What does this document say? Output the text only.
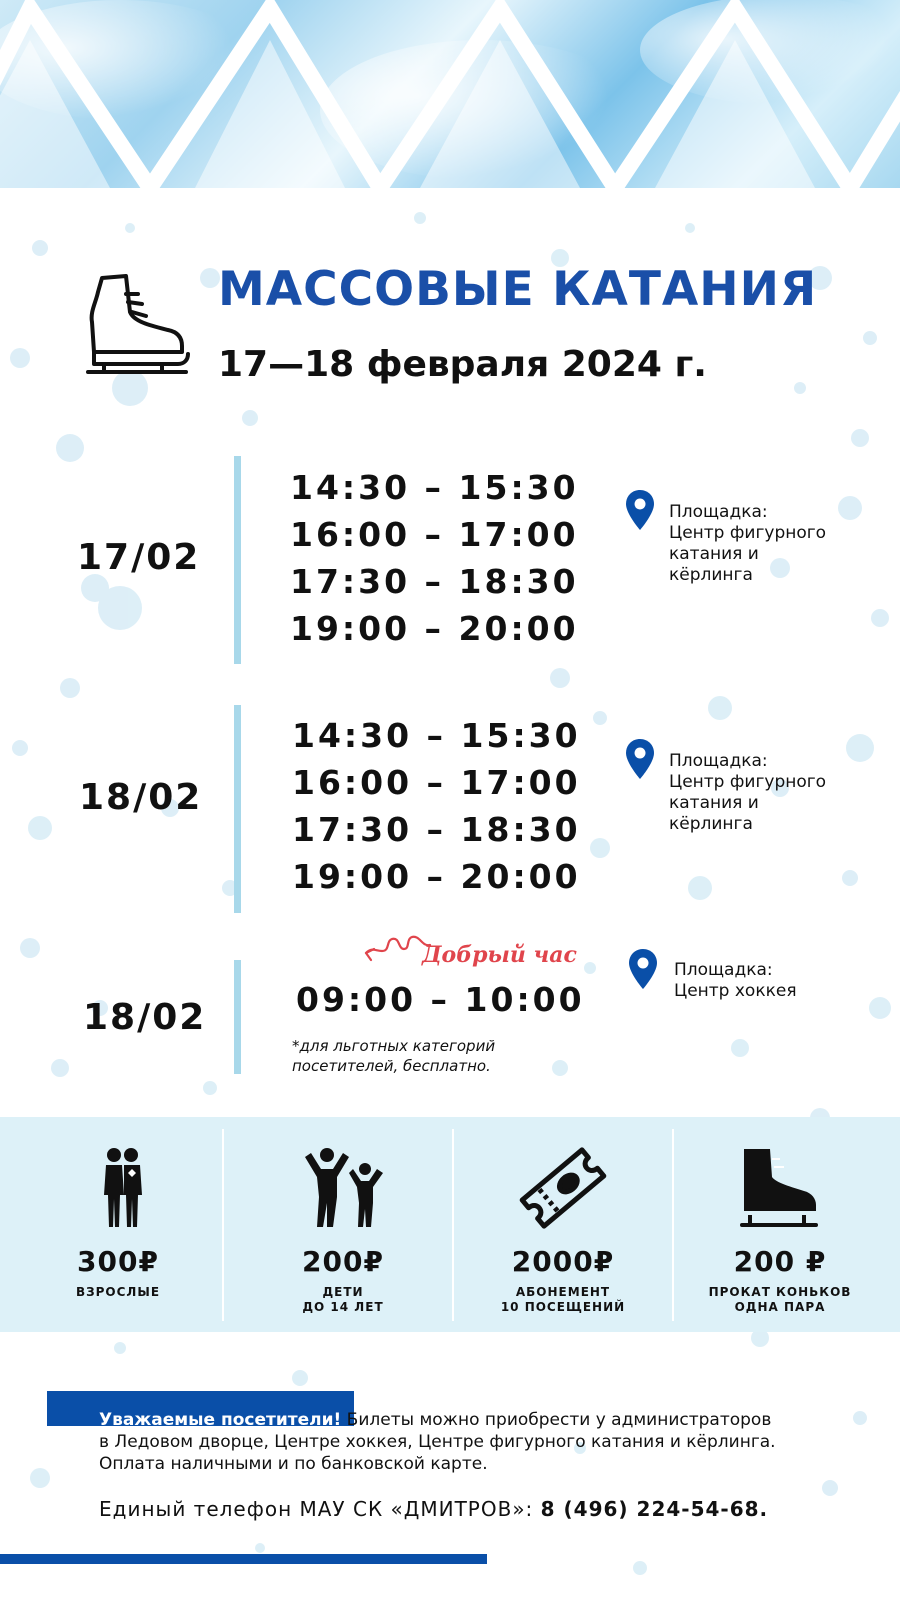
МАССОВЫЕ КАТАНИЯ
17—18 февраля 2024 г.
17/02
14:30 – 15:30
16:00 – 17:00
17:30 – 18:30
19:00 – 20:00
Площадка:
Центр фигурного
катания и
кёрлинга
18/02
14:30 – 15:30
16:00 – 17:00
17:30 – 18:30
19:00 – 20:00
Площадка:
Центр фигурного
катания и
кёрлинга
Добрый час
18/02	09:00 – 10:00
*для льготных категорий
посетителей, бесплатно.
Площадка:
Центр хоккея
300₽
ВЗРОСЛЫЕ
200₽
ДЕТИ
ДО 14 ЛЕТ
2000₽
АБОНЕМЕНТ
10 ПОСЕЩЕНИЙ
200 ₽
ПРОКАТ КОНЬКОВ
ОДНА ПАРА
Уважаемые посетители! Билеты можно приобрести у администраторов
в Ледовом дворце, Центре хоккея, Центре фигурного катания и кёрлинга.
Оплата наличными и по банковской карте.
Единый телефон МАУ СК «ДМИТРОВ»: 8 (496) 224-54-68.
